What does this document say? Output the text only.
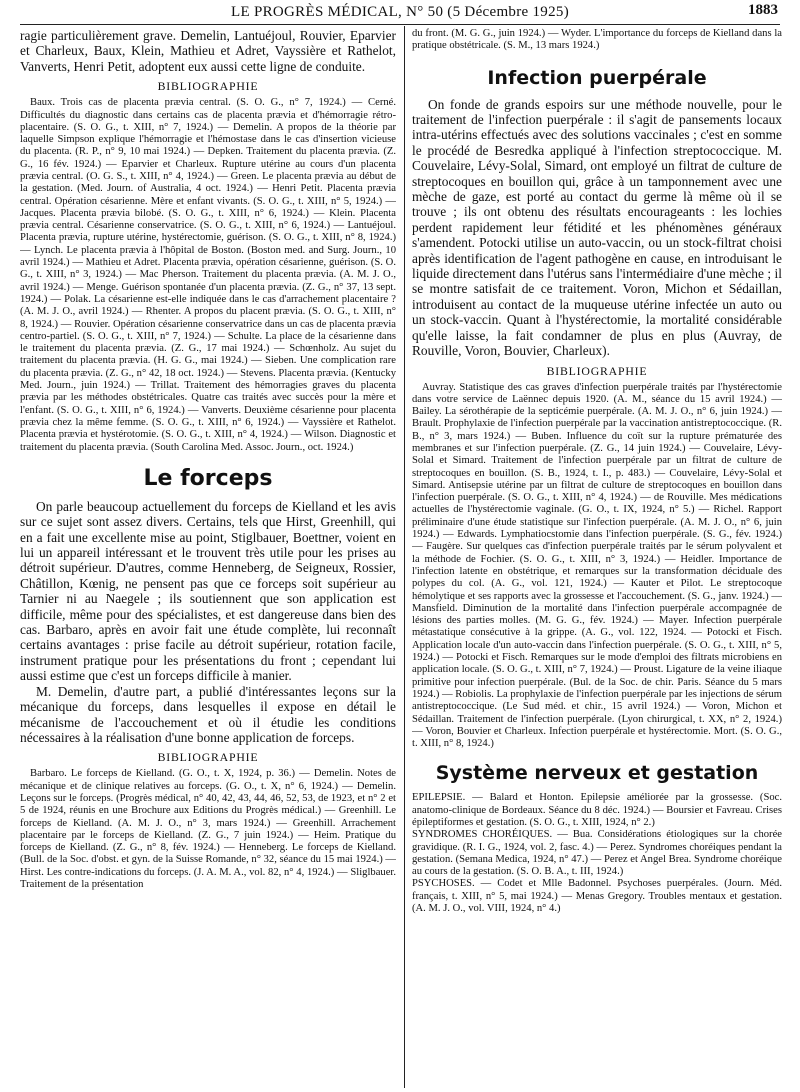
LE PROGRÈS MÉDICAL, N° 50 (5 Décembre 1925)	1883

ragie particulièrement grave. Demelin, Lantuéjoul, Rouvier, Eparvier et Charleux, Baux, Klein, Mathieu et Adret, Vayssière et Rathelot, Vanverts, Henri Petit, adoptent eux aussi cette ligne de conduite.

BIBLIOGRAPHIE

Baux. Trois cas de placenta prævia central. (S. O. G., n° 7, 1924.) — Cerné. Difficultés du diagnostic dans certains cas de placenta prævia et d'hémorragie rétro-placentaire. (S. O. G., t. XIII, n° 7, 1924.) — Demelin. A propos de la théorie par laquelle Simpson explique l'hémorragie et l'hémostase dans le cas d'insertion vicieuse du placenta. (R. P., n° 9, 10 mai 1924.) — Depken. Traitement du placenta prævia. (Z. G., 16 fév. 1924.) — Eparvier et Charleux. Rupture utérine au cours d'un placenta prævia central. (O. G. S., t. XIII, n° 4, 1924.) — Green. Le placenta prævia au début de la gestation. (Med. Journ. of Australia, 4 oct. 1924.) — Henri Petit. Placenta prævia central. Opération césarienne. Mère et enfant vivants. (S. O. G., t. XIII, n° 5, 1924.) — Jacques. Placenta prævia bilobé. (S. O. G., t. XIII, n° 6, 1924.) — Klein. Placenta prævia central. Césarienne conservatrice. (S. O. G., t. XIII, n° 6, 1924.) — Lantuéjoul. Placenta prævia, rupture utérine, hystérectomie, guérison. (S. O. G., t. XIII, n° 8, 1924.) — Lynch. Le placenta prævia à l'hôpital de Boston. (Boston med. and Surg. Journ., 10 avril 1924.) — Mathieu et Adret. Placenta prævia, opération césarienne, guérison. (S. O. G., t. XIII, n° 3, 1924.) — Mac Pherson. Traitement du placenta prævia. (A. M. J. O., avril 1924.) — Menge. Guérison spontanée d'un placenta prævia. (Z. G., n° 37, 13 sept. 1924.) — Polak. La césarienne est-elle indiquée dans le cas d'arrachement placentaire ? (A. M. J. O., avril 1924.) — Rhenter. A propos du placent prævia. (S. O. G., t. XIII, n° 8, 1924.) — Rouvier. Opération césarienne conservatrice dans un cas de placenta prævia centro-partiel. (S. O. G., t. XIII, n° 7, 1924.) — Schulte. La place de la césarienne dans le traitement du placenta prævia. (Z. G., 17 mai 1924.) — Schœnholz. Au sujet du traitement du placenta prævia. (H. G. G., mai 1924.) — Sieben. Une complication rare du placenta prævia. (Z. G., n° 42, 18 oct. 1924.) — Stevens. Placenta prævia. (Kentucky Med. Journ., juin 1924.) — Trillat. Traitement des hémorragies graves du placenta prævia par les méthodes obstétricales. Quatre cas traités avec succès pour la mère et l'enfant. (S. O. G., t. XIII, n° 6, 1924.) — Vanverts. Deuxième césarienne pour placenta prævia chez la même femme. (S. O. G., t. XIII, n° 6, 1924.) — Vayssière et Rathelot. Placenta prævia et hystérotomie. (S. O. G., t. XIII, n° 4, 1924.) — Wilson. Diagnostic et traitement du placenta prævia. (South Carolina Med. Assoc. Journ., oct. 1924.)

Le forceps

On parle beaucoup actuellement du forceps de Kielland et les avis sur ce sujet sont assez divers. Certains, tels que Hirst, Greenhill, qui en a fait une excellente mise au point, Stiglbauer, Boettner, voient en lui un appareil intéressant et le trouvent très utile pour les prises au détroit supérieur. D'autres, comme Henneberg, de Seigneux, Rossier, Châtillon, Kœnig, ne pensent pas que ce forceps soit supérieur au Tarnier ni au Naegele ; ils soutiennent que son application est difficile, même pour des spécialistes, et est dangereuse dans bien des cas. Barbaro, après en avoir fait une étude complète, lui reconnaît certains avantages : prise facile au détroit supérieur, rotation facile, instrument pratique pour les présentations du front ; cependant lui aussi estime que c'est un forceps difficile à manier.

M. Demelin, d'autre part, a publié d'intéressantes leçons sur la mécanique du forceps, dans lesquelles il expose en détail le mécanisme de l'accouchement et où il étudie les conditions nécessaires à la réalisation d'une bonne application de forceps.

BIBLIOGRAPHIE

Barbaro. Le forceps de Kielland. (G. O., t. X, 1924, p. 36.) — Demelin. Notes de mécanique et de clinique relatives au forceps. (G. O., t. X, n° 6, 1924.) — Demelin. Leçons sur le forceps. (Progrès médical, n° 40, 42, 43, 44, 46, 52, 53, de 1923, et n° 2 et 5 de 1924, réunis en une Brochure aux Editions du Progrès médical.) — Greenhill. Le forceps de Kielland. (A. M. J. O., n° 3, mars 1924.) — Greenhill. Arrachement placentaire par le forceps de Kielland. (Z. G., 7 juin 1924.) — Heim. Pratique du forceps de Kielland. (Z. G., n° 8, fév. 1924.) — Henneberg. Le forceps de Kielland. (Bull. de la Soc. d'obst. et gyn. de la Suisse Romande, n° 32, séance du 15 mai 1924.) — Hirst. Les contre-indications du forceps. (J. A. M. A., vol. 82, n° 4, 1924.) — Sliglbauer. Traitement de la présentation

du front. (M. G. G., juin 1924.) — Wyder. L'importance du forceps de Kielland dans la pratique obstétricale. (S. M., 13 mars 1924.)

Infection puerpérale

On fonde de grands espoirs sur une méthode nouvelle, pour le traitement de l'infection puerpérale : il s'agit de pansements locaux intra-utérins effectués avec des solutions vaccinales ; c'est en somme le procédé de Besredka appliqué à l'infection streptococcique. M. Couvelaire, Lévy-Solal, Simard, ont employé un filtrat de culture de streptocoques en bouillon qui, grâce à un tamponnement avec une mèche de gaze, est porté au contact du germe là même où il se trouve ; ils ont obtenu des résultats encourageants : les lochies perdent rapidement leur fétidité et les phénomènes généraux s'amendent. Potocki utilise un auto-vaccin, ou un stock-filtrat choisi après identification de l'agent pathogène en cause, en introduisant le liquide directement dans l'utérus sans l'intermédiaire d'une mèche ; il se montre satisfait de ce traitement. Voron, Michon et Sédaillan, introduisent au contact de la muqueuse utérine infectée un auto ou un stock-vaccin. Quant à l'hystérectomie, la mortalité considérable qu'elle laisse, la fait condamner de plus en plus (Auvray, de Rouville, Voron, Bouvier, Charleux).

BIBLIOGRAPHIE

Auvray. Statistique des cas graves d'infection puerpérale traités par l'hystérectomie dans votre service de Laënnec depuis 1920. (A. M., séance du 15 avril 1924.) — Bailey. La sérothérapie de la septicémie puerpérale. (A. M. J. O., n° 6, juin 1924.) — Brault. Prophylaxie de l'infection puerpérale par la vaccination antistreptococcique. (R. B., n° 3, mars 1924.) — Buben. Influence du coït sur la rupture prématurée des membranes et sur l'infection puerpérale. (Z. G., 14 juin 1924.) — Couvelaire, Lévy-Solal et Simard. Traitement de l'infection puerpérale par un filtrat de culture de streptocoques en bouillon. (S. B., 1924, t. I., p. 483.) — Couvelaire, Lévy-Solal et Simard. Antisepsie utérine par un filtrat de culture de streptocoques en bouillon dans l'infection puerpérale. (S. O. G., t. XIII, n° 4, 1924.) — de Rouville. Mes médications actuelles de l'hystérectomie vaginale. (G. O., t. IX, 1924, n° 5.) — Richel. Rapport préliminaire d'une étude statistique sur l'infection puerpérale. (A. M. J. O., n° 6, juin 1924.) — Edwards. Lymphatiocstomie dans l'infection puerpérale. (S. G., fév. 1924.) — Faugère. Sur quelques cas d'infection puerpérale traités par le sérum polyvalent et la méthode de Fochier. (S. O. G., t. XIII, n° 3, 1924.) — Heidler. Importance de l'infection latente en obstétrique, et remarques sur la transformation déciduale des polypes du col. (A. G., vol. 121, 1924.) — Kauter et Pilot. Le streptocoque hémolytique et ses rapports avec la grossesse et l'accouchement. (S. G., janv. 1924.) — Mansfield. Diminution de la mortalité dans l'infection puerpérale accompagnée de lésions des parties molles. (M. G. G., fév. 1924.) — Mayer. Infection puerpérale métastatique consécutive à la grippe. (A. G., vol. 122, 1924. — Potocki et Fisch. Application locale d'un auto-vaccin dans l'infection puerpérale. (S. O. G., t. XIII, n° 5, 1924.) — Potocki et Fisch. Remarques sur le mode d'emploi des filtrats microbiens en application locale. (S. O. G., t. XIII, n° 7, 1924.) — Proust. Ligature de la veine iliaque primitive pour infection puerpérale. (Bul. de la Soc. de chir. Paris. Séance du 5 mars 1924.) — Robiolis. La prophylaxie de l'infection puerpérale par les injections de sérum antistreptococcique. (Le Sud méd. et chir., 15 avril 1924.) — Voron, Michon et Sédaillan. Traitement de l'infection puerpérale. (Lyon chirurgical, t. XX, n° 2, 1924.) — Voron, Bouvier et Charleux. Infection puerpérale et hystérectomie. Mort. (S. O. G., t. XIII, n° 8, 1924.)

Système nerveux et gestation

EPILEPSIE. — Balard et Honton. Epilepsie améliorée par la grossesse. (Soc. anatomo-clinique de Bordeaux. Séance du 8 déc. 1924.) — Boursier et Favreau. Crises épileptiformes et gestation. (S. O. G., t. XIII, 1924, n° 2.)

SYNDROMES CHORÉIQUES. — Bua. Considérations étiologiques sur la chorée gravidique. (R. I. G., 1924, vol. 2, fasc. 4.) — Perez. Syndromes choréiques pendant la gestation. (Semana Medica, 1924, n° 47.) — Perez et Angel Brea. Syndrome choréique au cours de la gestation. (S. O. B. A., t. III, 1924.)

PSYCHOSES. — Codet et Mlle Badonnel. Psychoses puerpérales. (Journ. Méd. français, t. XIII, n° 5, mai 1924.) — Menas Gregory. Troubles mentaux et gestation. (A. M. J. O., vol. VIII, 1924, n° 4.)
